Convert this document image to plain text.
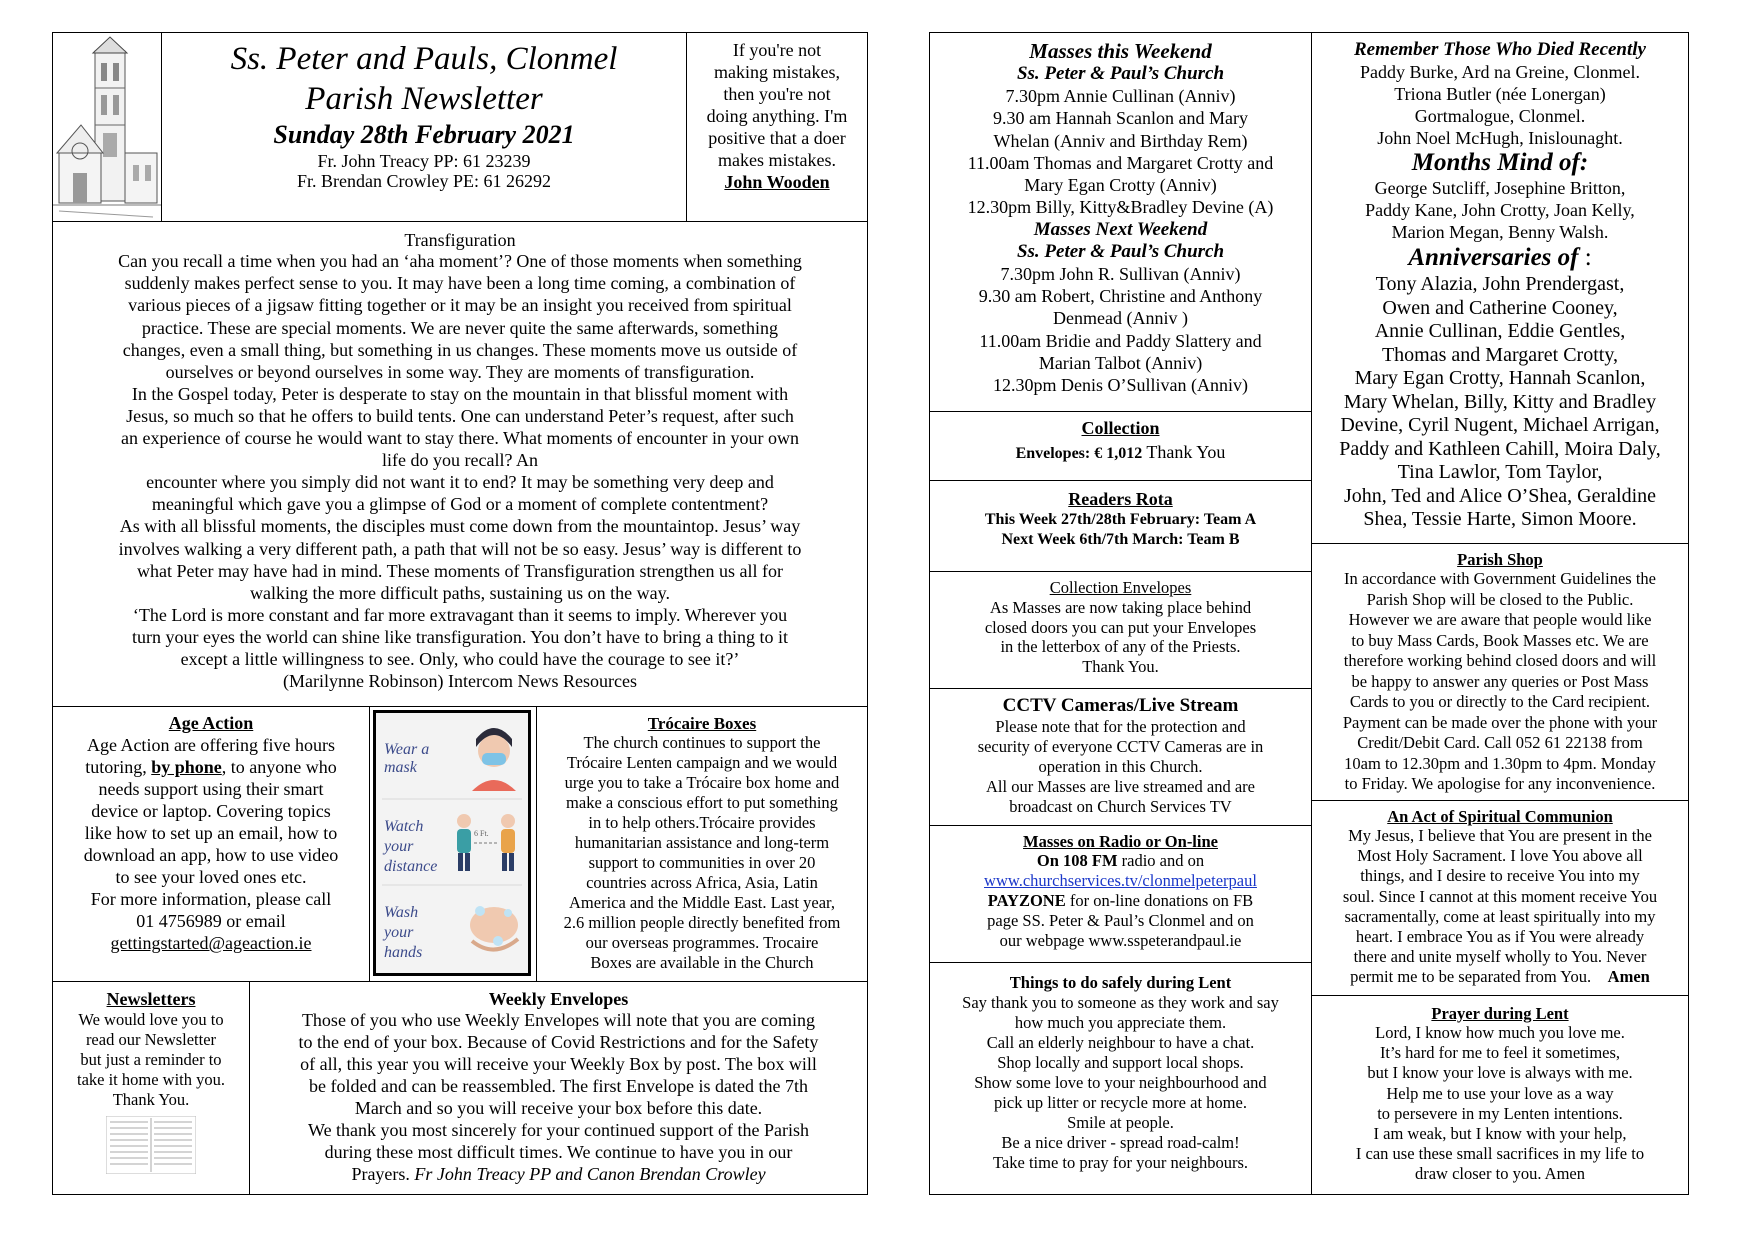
Ss. Peter and Pauls, Clonmel
Parish Newsletter
Sunday 28th February 2021
Fr. John Treacy PP: 61 23239
Fr. Brendan Crowley PE: 61 26292
If you're not
making mistakes,
then you're not
doing anything. I'm
positive that a doer
makes mistakes.
John Wooden
Transfiguration
Can you recall a time when you had an ‘aha moment’? One of those moments when something
suddenly makes perfect sense to you. It may have been a long time coming, a combination of
various pieces of a jigsaw fitting together or it may be an insight you received from spiritual
practice. These are special moments. We are never quite the same afterwards, something
changes, even a small thing, but something in us changes. These moments move us outside of
ourselves or beyond ourselves in some way. They are moments of transfiguration.
In the Gospel today, Peter is desperate to stay on the mountain in that blissful moment with
Jesus, so much so that he offers to build tents. One can understand Peter’s request, after such
an experience of course he would want to stay there. What moments of encounter in your own
life do you recall? An
encounter where you simply did not want it to end? It may be something very deep and
meaningful which gave you a glimpse of God or a moment of complete contentment?
As with all blissful moments, the disciples must come down from the mountaintop. Jesus’ way
involves walking a very different path, a path that will not be so easy. Jesus’ way is different to
what Peter may have had in mind. These moments of Transfiguration strengthen us all for
walking the more difficult paths, sustaining us on the way.
‘The Lord is more constant and far more extravagant than it seems to imply. Wherever you
turn your eyes the world can shine like transfiguration. You don’t have to bring a thing to it
except a little willingness to see. Only, who could have the courage to see it?’
(Marilynne Robinson) Intercom News Resources
Age Action
Age Action are offering five hours
tutoring, by phone, to anyone who
needs support using their smart
device or laptop. Covering topics
like how to set up an email, how to
download an app, how to use video
to see your loved ones etc.
For more information, please call
01 4756989 or email
gettingstarted@ageaction.ie
Wear a mask
Watch your distance
6 Ft.
Wash your hands
Trócaire Boxes
The church continues to support the
Trócaire Lenten campaign and we would
urge you to take a Trócaire box home and
make a conscious effort to put something
in to help others.Trócaire provides
humanitarian assistance and long-term
support to communities in over 20
countries across Africa, Asia, Latin
America and the Middle East. Last year,
2.6 million people directly benefited from
our overseas programmes. Trocaire
Boxes are available in the Church
Newsletters
We would love you to
read our Newsletter
but just a reminder to
take it home with you.
Thank You.
Weekly Envelopes
Those of you who use Weekly Envelopes will note that you are coming
to the end of your box. Because of Covid Restrictions and for the Safety
of all, this year you will receive your Weekly Box by post. The box will
be folded and can be reassembled. The first Envelope is dated the 7th
March and so you will receive your box before this date.
We thank you most sincerely for your continued support of the Parish
during these most difficult times. We continue to have you in our
Prayers. Fr John Treacy PP and Canon Brendan Crowley
Masses this Weekend
Ss. Peter & Paul’s Church
7.30pm Annie Cullinan (Anniv)
9.30 am Hannah Scanlon and Mary
Whelan (Anniv and Birthday Rem)
11.00am Thomas and Margaret Crotty and
Mary Egan Crotty (Anniv)
12.30pm Billy, Kitty&Bradley Devine (A)
Masses Next Weekend
Ss. Peter & Paul’s Church
7.30pm John R. Sullivan (Anniv)
9.30 am Robert, Christine and Anthony
Denmead (Anniv )
11.00am Bridie and Paddy Slattery and
Marian Talbot (Anniv)
12.30pm Denis O’Sullivan (Anniv)
Collection
Envelopes: € 1,012 Thank You
Readers Rota
This Week 27th/28th February: Team A
Next Week 6th/7th March: Team B
Collection Envelopes
As Masses are now taking place behind
closed doors you can put your Envelopes
in the letterbox of any of the Priests.
Thank You.
CCTV Cameras/Live Stream
Please note that for the protection and
security of everyone CCTV Cameras are in
operation in this Church.
All our Masses are live streamed and are
broadcast on Church Services TV
Masses on Radio or On-line
On 108 FM radio and on
www.churchservices.tv/clonmelpeterpaul
PAYZONE for on-line donations on FB
page SS. Peter & Paul’s Clonmel and on
our webpage www.sspeterandpaul.ie
Things to do safely during Lent
Say thank you to someone as they work and say
how much you appreciate them.
Call an elderly neighbour to have a chat.
Shop locally and support local shops.
Show some love to your neighbourhood and
pick up litter or recycle more at home.
Smile at people.
Be a nice driver - spread road-calm!
Take time to pray for your neighbours.
Remember Those Who Died Recently
Paddy Burke, Ard na Greine, Clonmel.
Triona Butler (née Lonergan)
Gortmalogue, Clonmel.
John Noel McHugh, Inislounaght.
Months Mind of:
George Sutcliff, Josephine Britton,
Paddy Kane, John Crotty, Joan Kelly,
Marion Megan, Benny Walsh.
Anniversaries of :
Tony Alazia, John Prendergast,
Owen and Catherine Cooney,
Annie Cullinan, Eddie Gentles,
Thomas and Margaret Crotty,
Mary Egan Crotty, Hannah Scanlon,
Mary Whelan, Billy, Kitty and Bradley
Devine, Cyril Nugent, Michael Arrigan,
Paddy and Kathleen Cahill, Moira Daly,
Tina Lawlor, Tom Taylor,
John, Ted and Alice O’Shea, Geraldine
Shea, Tessie Harte, Simon Moore.
Parish Shop
In accordance with Government Guidelines the
Parish Shop will be closed to the Public.
However we are aware that people would like
to buy Mass Cards, Book Masses etc. We are
therefore working behind closed doors and will
be happy to answer any queries or Post Mass
Cards to you or directly to the Card recipient.
Payment can be made over the phone with your
Credit/Debit Card. Call 052 61 22138 from
10am to 12.30pm and 1.30pm to 4pm. Monday
to Friday. We apologise for any inconvenience.
An Act of Spiritual Communion
My Jesus, I believe that You are present in the
Most Holy Sacrament. I love You above all
things, and I desire to receive You into my
soul. Since I cannot at this moment receive You
sacramentally, come at least spiritually into my
heart. I embrace You as if You were already
there and unite myself wholly to You. Never
permit me to be separated from You. Amen
Prayer during Lent
Lord, I know how much you love me.
It’s hard for me to feel it sometimes,
but I know your love is always with me.
Help me to use your love as a way
to persevere in my Lenten intentions.
I am weak, but I know with your help,
I can use these small sacrifices in my life to
draw closer to you. Amen
